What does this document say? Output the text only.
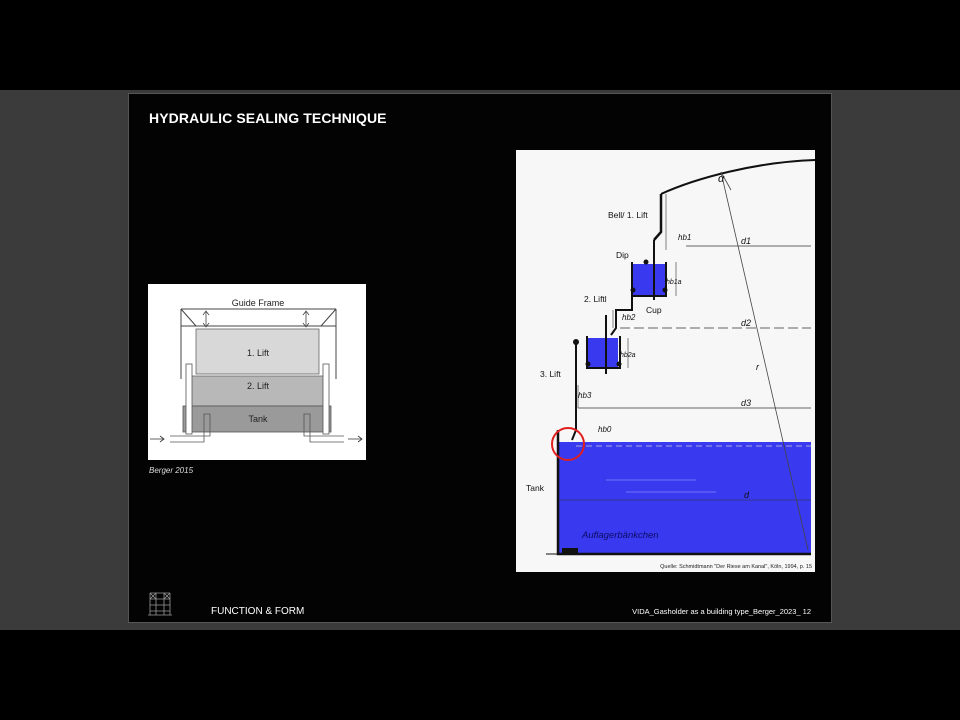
HYDRAULIC SEALING TECHNIQUE
Guide Frame
1. Lift
2. Lift
Tank
Berger 2015
Bell/ 1. Lift
Dip
Cup
2. Liftl
3. Lift
Tank
Auflagerbänkchen
α
hb1
hb1a
hb2
hb2a
hb3
hb0
d1
d2
d3
d
r
Quelle: Schmidtmann "Der Riese am Kanal", Köln, 1994, p. 15
FUNCTION & FORM	VIDA_Gasholder as a building type_Berger_2023_ 12
